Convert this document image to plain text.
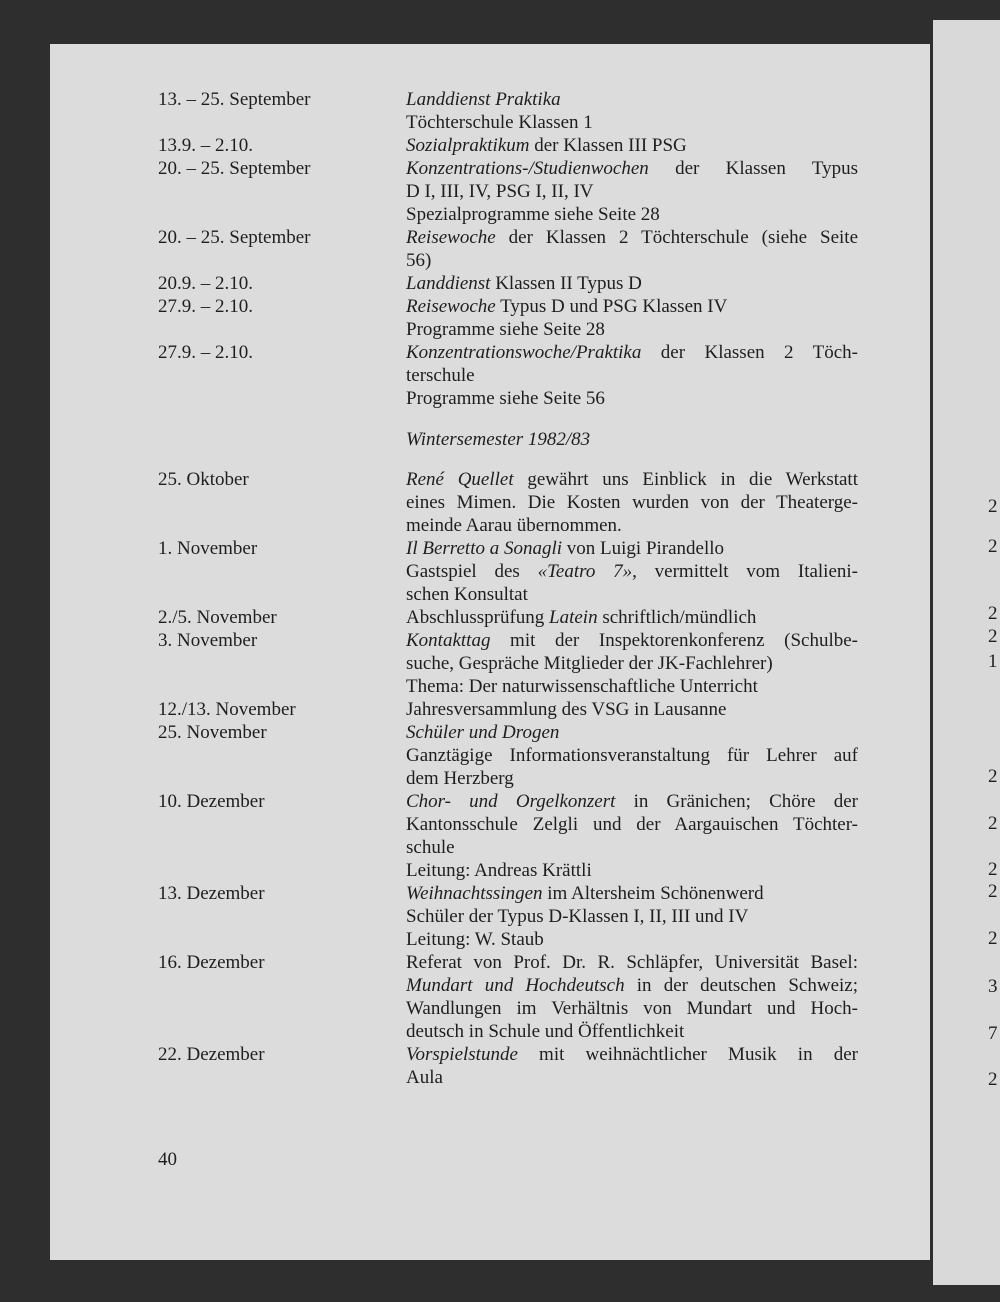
13. – 25. September	Landdienst Praktika
Töchterschule Klassen 1
13.9. – 2.10.	Sozialpraktikum der Klassen III PSG
20. – 25. September	Konzentrations-/Studienwochen der Klassen Typus
D I, III, IV, PSG I, II, IV
Spezialprogramme siehe Seite 28
20. – 25. September	Reisewoche der Klassen 2 Töchterschule (siehe Seite
56)
20.9. – 2.10.	Landdienst Klassen II Typus D
27.9. – 2.10.	Reisewoche Typus D und PSG Klassen IV
Programme siehe Seite 28
27.9. – 2.10.	Konzentrationswoche/Praktika der Klassen 2 Töch-
terschule
Programme siehe Seite 56
Wintersemester 1982/83
25. Oktober	René Quellet gewährt uns Einblick in die Werkstatt
eines Mimen. Die Kosten wurden von der Theaterge-
meinde Aarau übernommen.
1. November	Il Berretto a Sonagli von Luigi Pirandello
Gastspiel des «Teatro 7», vermittelt vom Italieni-
schen Konsultat
2./5. November	Abschlussprüfung Latein schriftlich/mündlich
3. November	Kontakttag mit der Inspektorenkonferenz (Schulbe-
suche, Gespräche Mitglieder der JK-Fachlehrer)
Thema: Der naturwissenschaftliche Unterricht
12./13. November	Jahresversammlung des VSG in Lausanne
25. November	Schüler und Drogen
Ganztägige Informationsveranstaltung für Lehrer auf
dem Herzberg
10. Dezember	Chor- und Orgelkonzert in Gränichen; Chöre der
Kantonsschule Zelgli und der Aargauischen Töchter-
schule
Leitung: Andreas Krättli
13. Dezember	Weihnachtssingen im Altersheim Schönenwerd
Schüler der Typus D-Klassen I, II, III und IV
Leitung: W. Staub
16. Dezember	Referat von Prof. Dr. R. Schläpfer, Universität Basel:
Mundart und Hochdeutsch in der deutschen Schweiz;
Wandlungen im Verhältnis von Mundart und Hoch-
deutsch in Schule und Öffentlichkeit
22. Dezember	Vorspielstunde mit weihnächtlicher Musik in der
Aula
40
2
2
2
2
1
2
2
2
2
2
3
7
2
